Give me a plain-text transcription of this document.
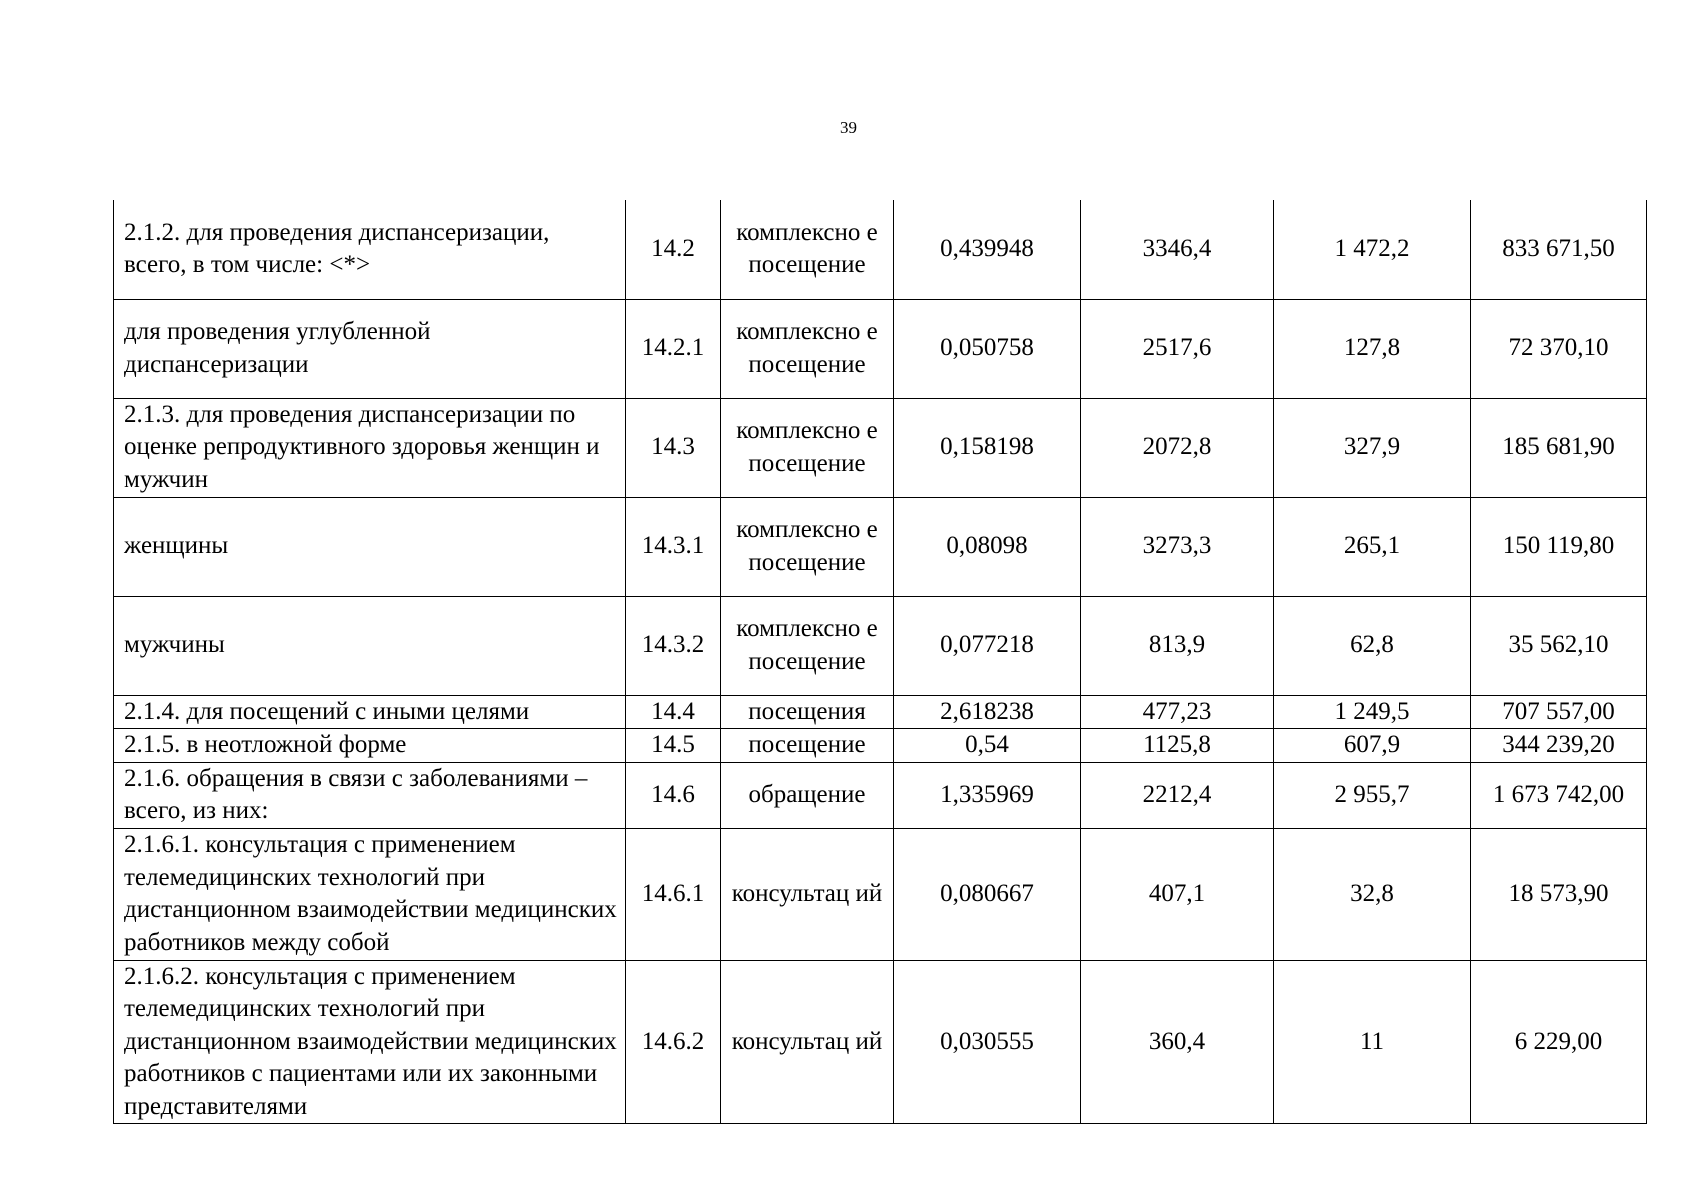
39
2.1.2. для проведения диспансеризации, всего, в том числе: <*>	14.2	комплексно е посещение	0,439948	3346,4	1 472,2	833 671,50
для проведения углубленной диспансеризации	14.2.1	комплексно е посещение	0,050758	2517,6	127,8	72 370,10
2.1.3. для проведения диспансеризации по оценке репродуктивного здоровья женщин и мужчин	14.3	комплексно е посещение	0,158198	2072,8	327,9	185 681,90
женщины	14.3.1	комплексно е посещение	0,08098	3273,3	265,1	150 119,80
мужчины	14.3.2	комплексно е посещение	0,077218	813,9	62,8	35 562,10
2.1.4. для посещений с иными целями	14.4	посещения	2,618238	477,23	1 249,5	707 557,00
2.1.5. в неотложной форме	14.5	посещение	0,54	1125,8	607,9	344 239,20
2.1.6. обращения в связи с заболеваниями – всего, из них:	14.6	обращение	1,335969	2212,4	2 955,7	1 673 742,00
2.1.6.1. консультация с применением телемедицинских технологий при дистанционном взаимодействии медицинских работников между собой	14.6.1	консультац ий	0,080667	407,1	32,8	18 573,90
2.1.6.2. консультация с применением телемедицинских технологий при дистанционном взаимодействии медицинских работников с пациентами или их законными представителями	14.6.2	консультац ий	0,030555	360,4	11	6 229,00
